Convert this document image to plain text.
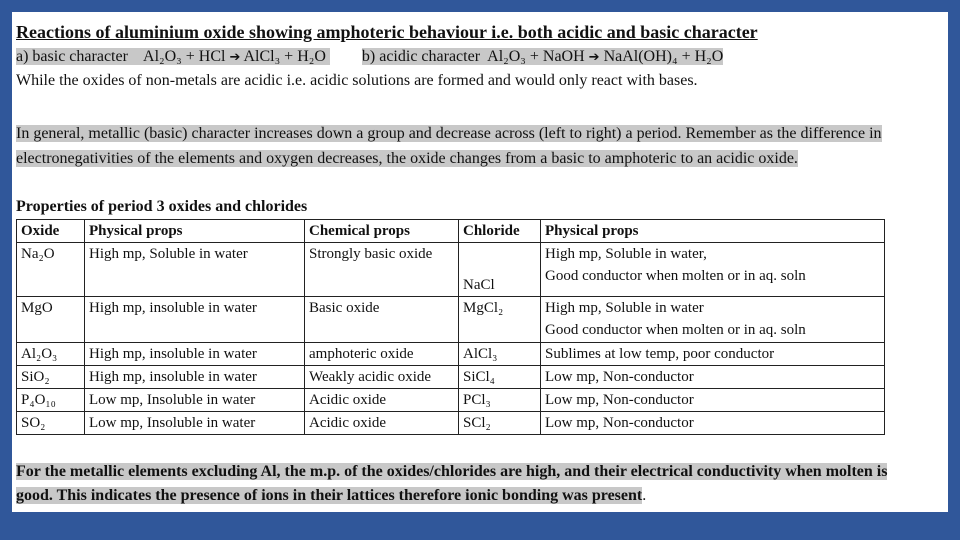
Reactions of aluminium oxide showing amphoteric behaviour i.e. both acidic and basic character
a) basic character Al₂O₃ + HCl ➔ AlCl₃ + H₂O b) acidic character Al₂O₃ + NaOH ➔ NaAl(OH)₄ + H₂O
While the oxides of non-metals are acidic i.e. acidic solutions are formed and would only react with bases.
In general, metallic (basic) character increases down a group and decrease across (left to right) a period. Remember as the difference in electronegativities of the elements and oxygen decreases, the oxide changes from a basic to amphoteric to an acidic oxide.
Properties of period 3 oxides and chlorides
Oxide	Physical props	Chemical props	Chloride	Physical props
Na₂O	High mp, Soluble in water	Strongly basic oxide	NaCl	High mp, Soluble in water,
Good conductor when molten or in aq. soln

MgO	High mp, insoluble in water	Basic oxide	MgCl₂	High mp, Soluble in water
Good conductor when molten or in aq. soln

Al₂O₃	High mp, insoluble in water	amphoteric oxide	AlCl₃	Sublimes at low temp, poor conductor
SiO₂	High mp, insoluble in water	Weakly acidic oxide	SiCl₄	Low mp, Non-conductor
P₄O₁₀	Low mp, Insoluble in water	Acidic oxide	PCl₃	Low mp, Non-conductor
SO₂	Low mp, Insoluble in water	Acidic oxide	SCl₂	Low mp, Non-conductor
For the metallic elements excluding Al, the m.p. of the oxides/chlorides are high, and their electrical conductivity when molten is good. This indicates the presence of ions in their lattices therefore ionic bonding was present.
